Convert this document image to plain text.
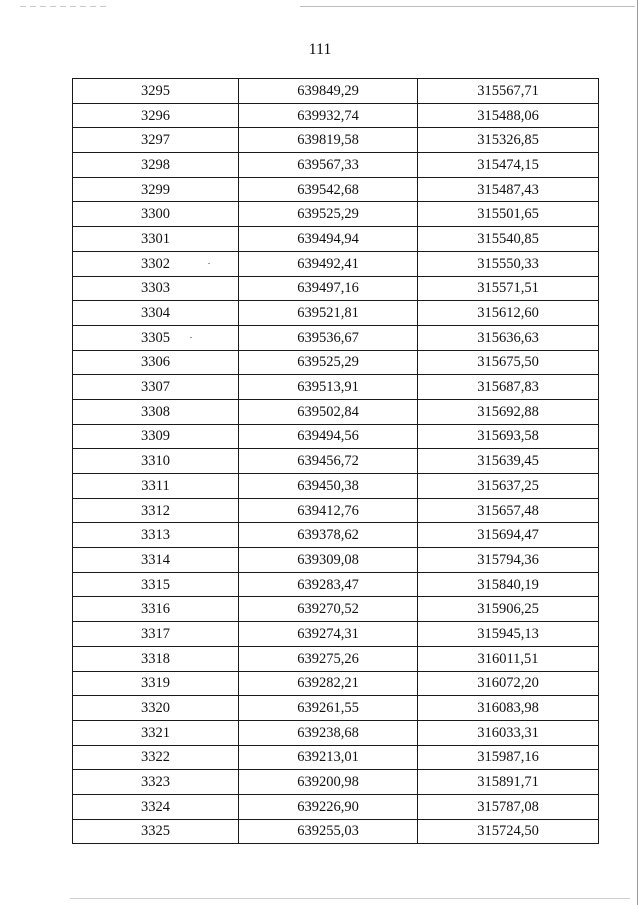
111
3295	639849,29	315567,71
3296	639932,74	315488,06
3297	639819,58	315326,85
3298	639567,33	315474,15
3299	639542,68	315487,43
3300	639525,29	315501,65
3301	639494,94	315540,85
3302	639492,41	315550,33
3303	639497,16	315571,51
3304	639521,81	315612,60
3305	639536,67	315636,63
3306	639525,29	315675,50
3307	639513,91	315687,83
3308	639502,84	315692,88
3309	639494,56	315693,58
3310	639456,72	315639,45
3311	639450,38	315637,25
3312	639412,76	315657,48
3313	639378,62	315694,47
3314	639309,08	315794,36
3315	639283,47	315840,19
3316	639270,52	315906,25
3317	639274,31	315945,13
3318	639275,26	316011,51
3319	639282,21	316072,20
3320	639261,55	316083,98
3321	639238,68	316033,31
3322	639213,01	315987,16
3323	639200,98	315891,71
3324	639226,90	315787,08
3325	639255,03	315724,50
